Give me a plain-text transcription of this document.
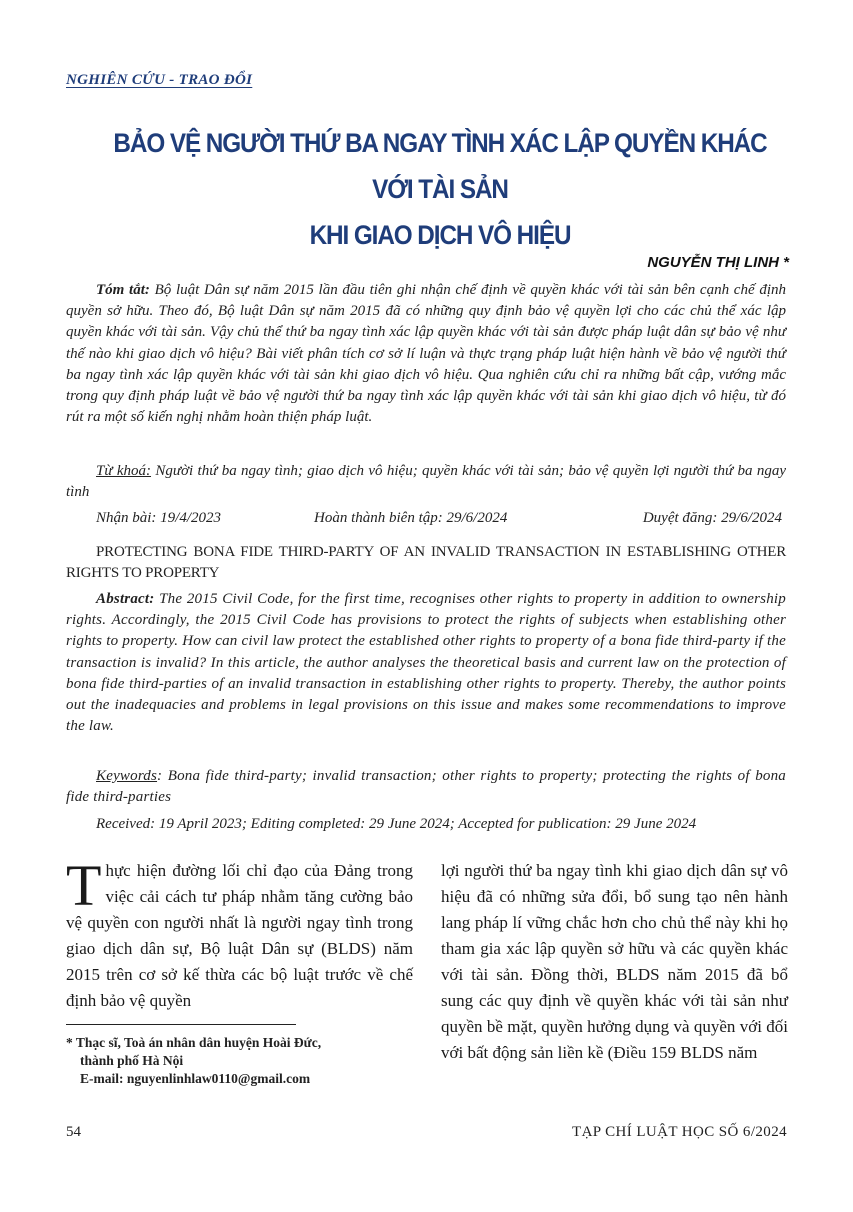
NGHIÊN CỨU - TRAO ĐỔI
BẢO VỆ NGƯỜI THỨ BA NGAY TÌNH XÁC LẬP QUYỀN KHÁC VỚI TÀI SẢN
KHI GIAO DỊCH VÔ HIỆU
NGUYỄN THỊ LINH *
Tóm tắt: Bộ luật Dân sự năm 2015 lần đầu tiên ghi nhận chế định về quyền khác với tài sản bên cạnh chế định quyền sở hữu. Theo đó, Bộ luật Dân sự năm 2015 đã có những quy định bảo vệ quyền lợi cho các chủ thể xác lập quyền khác với tài sản. Vậy chủ thể thứ ba ngay tình xác lập quyền khác với tài sản được pháp luật dân sự bảo vệ như thế nào khi giao dịch vô hiệu? Bài viết phân tích cơ sở lí luận và thực trạng pháp luật hiện hành về bảo vệ người thứ ba ngay tình xác lập quyền khác với tài sản khi giao dịch vô hiệu. Qua nghiên cứu chỉ ra những bất cập, vướng mắc trong quy định pháp luật về bảo vệ người thứ ba ngay tình xác lập quyền khác với tài sản khi giao dịch vô hiệu, từ đó rút ra một số kiến nghị nhằm hoàn thiện pháp luật.
Từ khoá: Người thứ ba ngay tình; giao dịch vô hiệu; quyền khác với tài sản; bảo vệ quyền lợi người thứ ba ngay tình
Nhận bài: 19/4/2023	Hoàn thành biên tập: 29/6/2024	Duyệt đăng: 29/6/2024
PROTECTING BONA FIDE THIRD-PARTY OF AN INVALID TRANSACTION IN ESTABLISHING OTHER RIGHTS TO PROPERTY
Abstract: The 2015 Civil Code, for the first time, recognises other rights to property in addition to ownership rights. Accordingly, the 2015 Civil Code has provisions to protect the rights of subjects when establishing other rights to property. How can civil law protect the established other rights to property of a bona fide third-party if the transaction is invalid? In this article, the author analyses the theoretical basis and current law on the protection of bona fide third-parties of an invalid transaction in establishing other rights to property. Thereby, the author points out the inadequacies and problems in legal provisions on this issue and makes some recommendations to improve the law.
Keywords: Bona fide third-party; invalid transaction; other rights to property; protecting the rights of bona fide third-parties
Received: 19 April 2023; Editing completed: 29 June 2024; Accepted for publication: 29 June 2024
Thực hiện đường lối chỉ đạo của Đảng trong việc cải cách tư pháp nhằm tăng cường bảo vệ quyền con người nhất là người ngay tình trong giao dịch dân sự, Bộ luật Dân sự (BLDS) năm 2015 trên cơ sở kế thừa các bộ luật trước về chế định bảo vệ quyền
lợi người thứ ba ngay tình khi giao dịch dân sự vô hiệu đã có những sửa đổi, bổ sung tạo nên hành lang pháp lí vững chắc hơn cho chủ thể này khi họ tham gia xác lập quyền sở hữu và các quyền khác với tài sản. Đồng thời, BLDS năm 2015 đã bổ sung các quy định về quyền khác với tài sản như quyền bề mặt, quyền hưởng dụng và quyền với đối với bất động sản liền kề (Điều 159 BLDS năm
* Thạc sĩ, Toà án nhân dân huyện Hoài Đức,
thành phố Hà Nội
E-mail: nguyenlinhlaw0110@gmail.com
54	TẠP CHÍ LUẬT HỌC SỐ 6/2024
